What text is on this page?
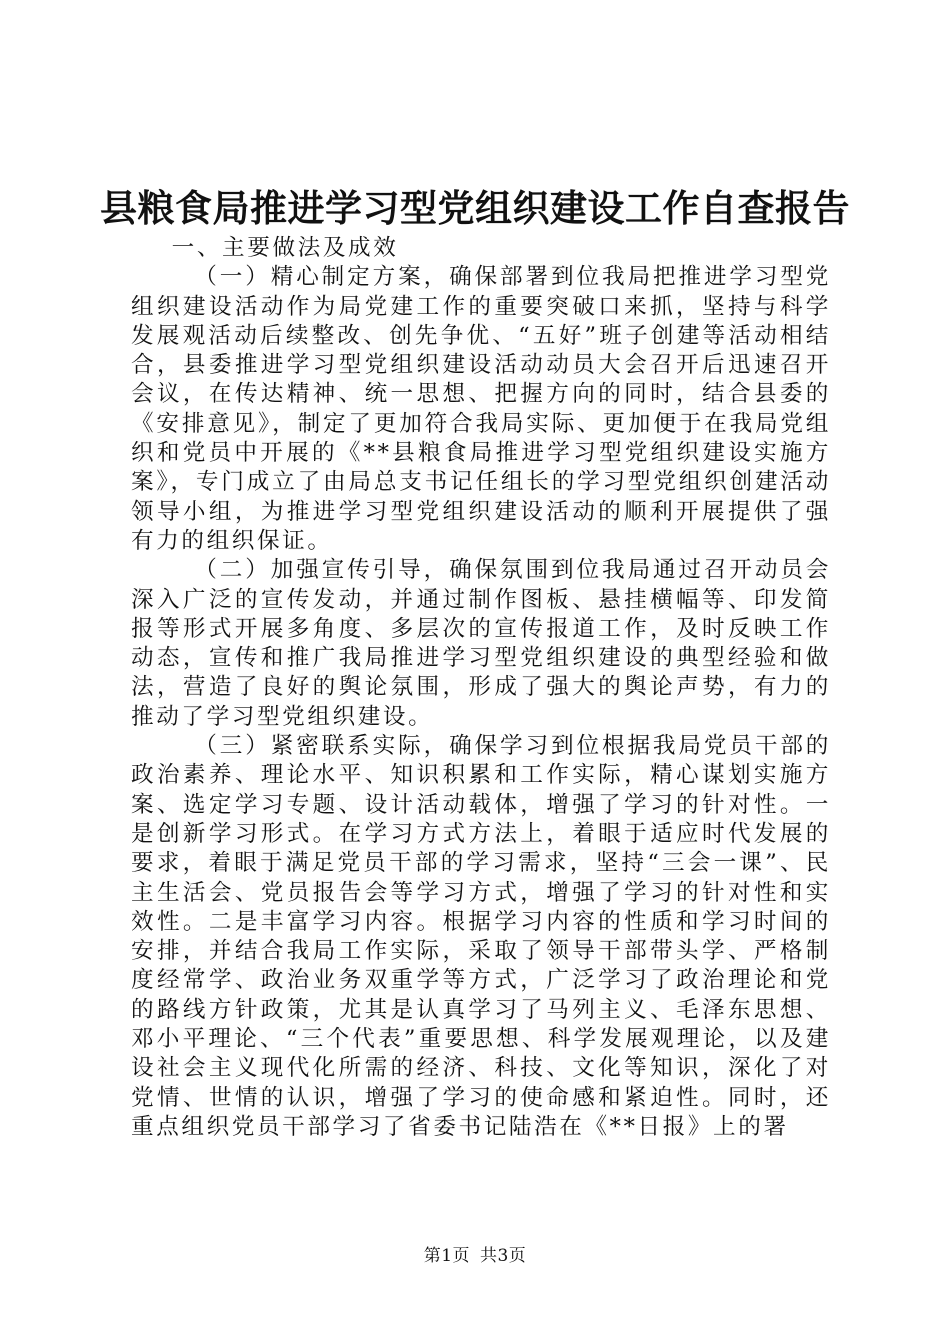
县粮食局推进学习型党组织建设工作自查报告

一、主要做法及成效

（一）精心制定方案，确保部署到位我局把推进学习型党组织建设活动作为局党建工作的重要突破口来抓，坚持与科学发展观活动后续整改、创先争优、“五好”班子创建等活动相结合，县委推进学习型党组织建设活动动员大会召开后迅速召开会议，在传达精神、统一思想、把握方向的同时，结合县委的《安排意见》，制定了更加符合我局实际、更加便于在我局党组织和党员中开展的《**县粮食局推进学习型党组织建设实施方案》，专门成立了由局总支书记任组长的学习型党组织创建活动领导小组，为推进学习型党组织建设活动的顺利开展提供了强有力的组织保证。

（二）加强宣传引导，确保氛围到位我局通过召开动员会深入广泛的宣传发动，并通过制作图板、悬挂横幅等、印发简报等形式开展多角度、多层次的宣传报道工作，及时反映工作动态，宣传和推广我局推进学习型党组织建设的典型经验和做法，营造了良好的舆论氛围，形成了强大的舆论声势，有力的推动了学习型党组织建设。

（三）紧密联系实际，确保学习到位根据我局党员干部的政治素养、理论水平、知识积累和工作实际，精心谋划实施方案、选定学习专题、设计活动载体，增强了学习的针对性。一是创新学习形式。在学习方式方法上，着眼于适应时代发展的要求，着眼于满足党员干部的学习需求，坚持“三会一课”、民主生活会、党员报告会等学习方式，增强了学习的针对性和实效性。二是丰富学习内容。根据学习内容的性质和学习时间的安排，并结合我局工作实际，采取了领导干部带头学、严格制度经常学、政治业务双重学等方式，广泛学习了政治理论和党的路线方针政策，尤其是认真学习了马列主义、毛泽东思想、邓小平理论、“三个代表”重要思想、科学发展观理论，以及建设社会主义现代化所需的经济、科技、文化等知识，深化了对党情、世情的认识，增强了学习的使命感和紧迫性。同时，还重点组织党员干部学习了省委书记陆浩在《**日报》上的署

第1页 共3页
